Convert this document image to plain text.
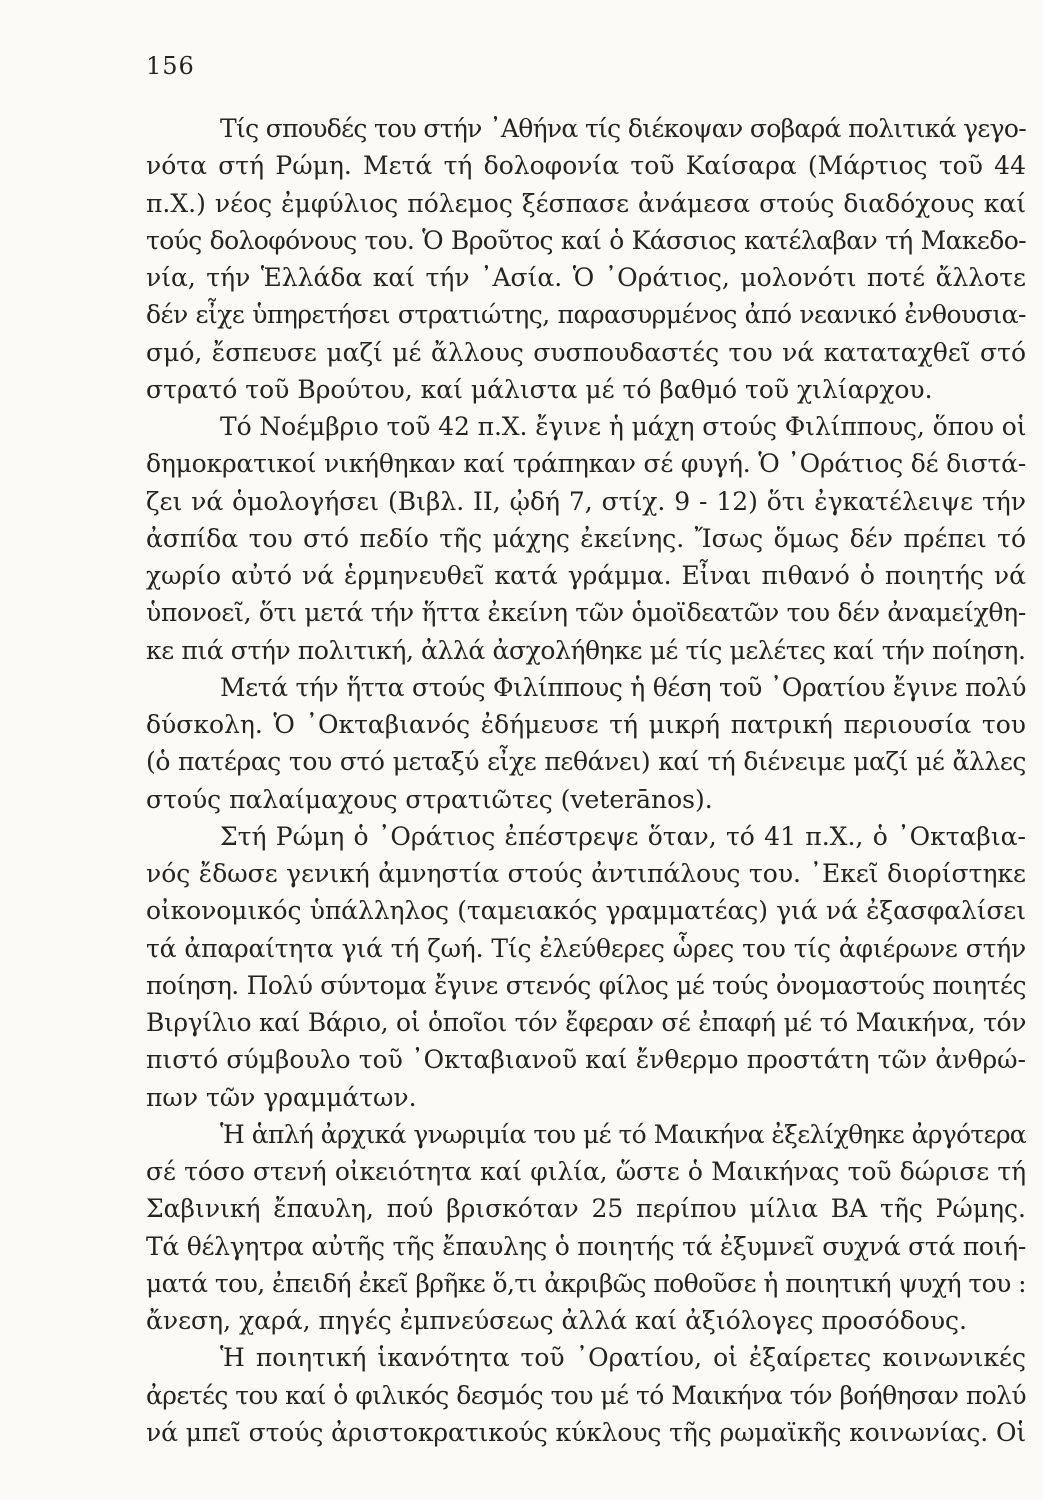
156
Τίς σπουδές του στήν ᾿Αθήνα τίς διέκοψαν σοβαρά πολιτικά γεγο-
νότα στή Ρώμη. Μετά τή δολοφονία τοῦ Καίσαρα (Μάρτιος τοῦ 44
π.Χ.) νέος ἐμφύλιος πόλεμος ξέσπασε ἀνάμεσα στούς διαδόχους καί
τούς δολοφόνους του. Ὁ Βροῦτος καί ὁ Κάσσιος κατέλαβαν τή Μακεδο-
νία, τήν Ἑλλάδα καί τήν ᾿Ασία. Ὁ ᾿Οράτιος, μολονότι ποτέ ἄλλοτε
δέν εἶχε ὑπηρετήσει στρατιώτης, παρασυρμένος ἀπό νεανικό ἐνθουσια-
σμό, ἔσπευσε μαζί μέ ἄλλους συσπουδαστές του νά καταταχθεῖ στό
στρατό τοῦ Βρούτου, καί μάλιστα μέ τό βαθμό τοῦ χιλίαρχου.
Τό Νοέμβριο τοῦ 42 π.Χ. ἔγινε ἡ μάχη στούς Φιλίππους, ὅπου οἱ
δημοκρατικοί νικήθηκαν καί τράπηκαν σέ φυγή. Ὁ ᾿Οράτιος δέ διστά-
ζει νά ὁμολογήσει (Βιβλ. II, ᾠδή 7, στίχ. 9 - 12) ὅτι ἐγκατέλειψε τήν
ἀσπίδα του στό πεδίο τῆς μάχης ἐκείνης. Ἴσως ὅμως δέν πρέπει τό
χωρίο αὐτό νά ἑρμηνευθεῖ κατά γράμμα. Εἶναι πιθανό ὁ ποιητής νά
ὑπονοεῖ, ὅτι μετά τήν ἥττα ἐκείνη τῶν ὁμοϊδεατῶν του δέν ἀναμείχθη-
κε πιά στήν πολιτική, ἀλλά ἀσχολήθηκε μέ τίς μελέτες καί τήν ποίηση.
Μετά τήν ἥττα στούς Φιλίππους ἡ θέση τοῦ ᾿Ορατίου ἔγινε πολύ
δύσκολη. Ὁ ᾿Οκταβιανός ἐδήμευσε τή μικρή πατρική περιουσία του
(ὁ πατέρας του στό μεταξύ εἶχε πεθάνει) καί τή διένειμε μαζί μέ ἄλλες
στούς παλαίμαχους στρατιῶτες (veterānos).
Στή Ρώμη ὁ ᾿Οράτιος ἐπέστρεψε ὅταν, τό 41 π.Χ., ὁ ᾿Οκταβια-
νός ἔδωσε γενική ἀμνηστία στούς ἀντιπάλους του. ᾿Εκεῖ διορίστηκε
οἰκονομικός ὑπάλληλος (ταμειακός γραμματέας) γιά νά ἐξασφαλίσει
τά ἀπαραίτητα γιά τή ζωή. Τίς ἐλεύθερες ὧρες του τίς ἀφιέρωνε στήν
ποίηση. Πολύ σύντομα ἔγινε στενός φίλος μέ τούς ὀνομαστούς ποιητές
Βιργίλιο καί Βάριο, οἱ ὁποῖοι τόν ἔφεραν σέ ἐπαφή μέ τό Μαικήνα, τόν
πιστό σύμβουλο τοῦ ᾿Οκταβιανοῦ καί ἔνθερμο προστάτη τῶν ἀνθρώ-
πων τῶν γραμμάτων.
Ἡ ἁπλή ἀρχικά γνωριμία του μέ τό Μαικήνα ἐξελίχθηκε ἀργότερα
σέ τόσο στενή οἰκειότητα καί φιλία, ὥστε ὁ Μαικήνας τοῦ δώρισε τή
Σαβινική ἔπαυλη, πού βρισκόταν 25 περίπου μίλια ΒΑ τῆς Ρώμης.
Τά θέλγητρα αὐτῆς τῆς ἔπαυλης ὁ ποιητής τά ἐξυμνεῖ συχνά στά ποιή-
ματά του, ἐπειδή ἐκεῖ βρῆκε ὅ,τι ἀκριβῶς ποθοῦσε ἡ ποιητική ψυχή του :
ἄνεση, χαρά, πηγές ἐμπνεύσεως ἀλλά καί ἀξιόλογες προσόδους.
Ἡ ποιητική ἱκανότητα τοῦ ᾿Ορατίου, οἱ ἐξαίρετες κοινωνικές
ἀρετές του καί ὁ φιλικός δεσμός του μέ τό Μαικήνα τόν βοήθησαν πολύ
νά μπεῖ στούς ἀριστοκρατικούς κύκλους τῆς ρωμαϊκῆς κοινωνίας. Οἱ
